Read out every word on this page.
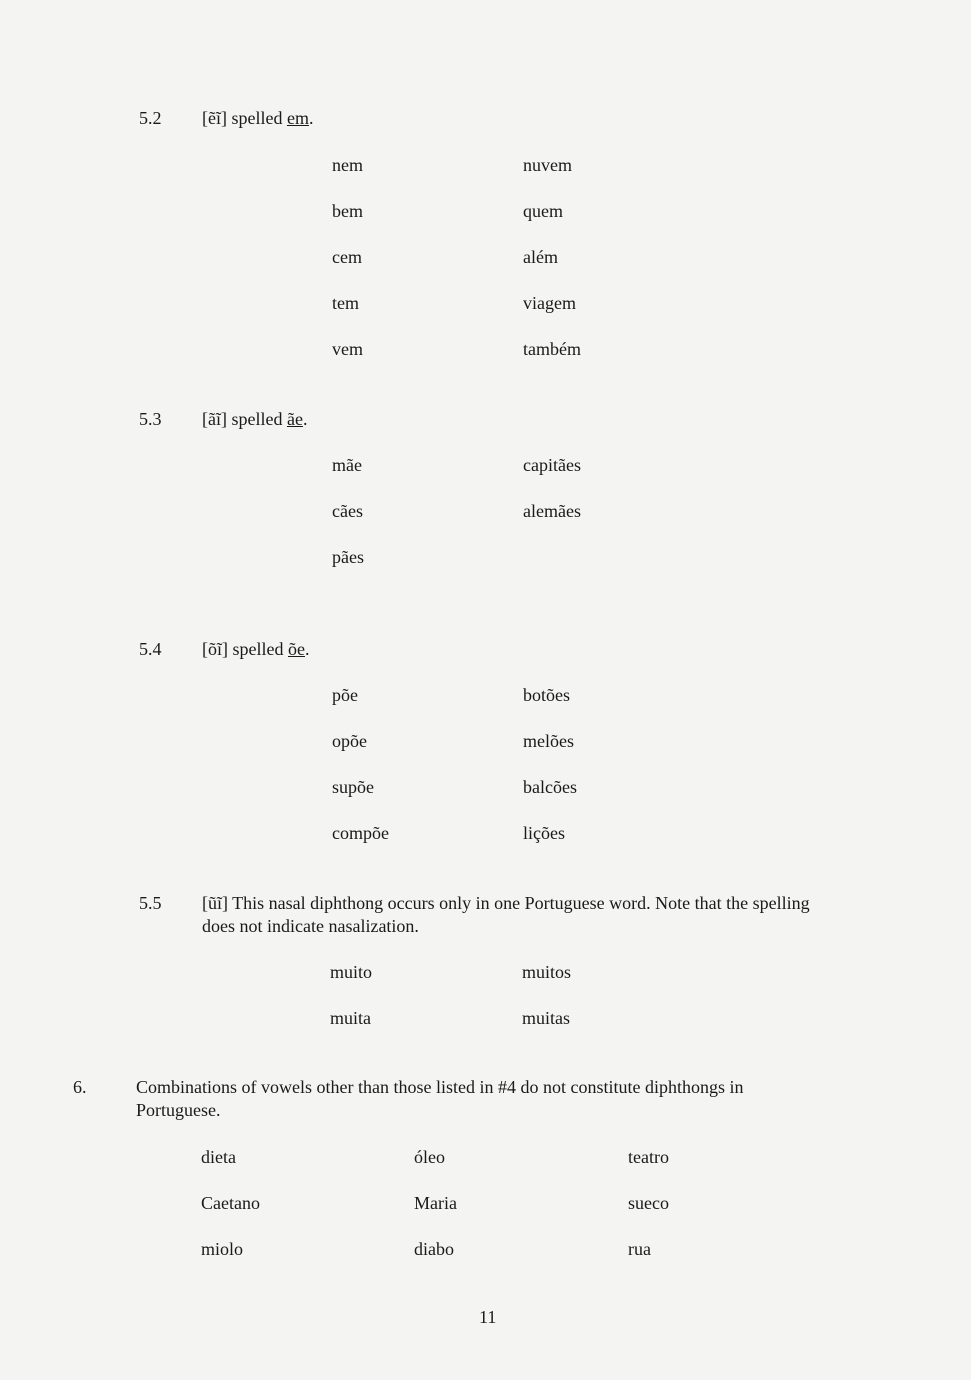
5.2 [ẽĩ] spelled em.
nem
bem
cem
tem
vem
nuvem
quem
além
viagem
também
5.3 [ãĩ] spelled ãe.
mãe
cães
pães
capitães
alemães
5.4 [õĩ] spelled õe.
põe
opõe
supõe
compõe
botões
melões
balcões
lições
5.5 [ũĩ] This nasal diphthong occurs only in one Portuguese word. Note that the spelling
does not indicate nasalization.
muito
muita
muitos
muitas
6.	Combinations of vowels other than those listed in #4 do not constitute diphthongs in
Portuguese.
dieta
Caetano
miolo
óleo
Maria
diabo
teatro
sueco
rua
11
